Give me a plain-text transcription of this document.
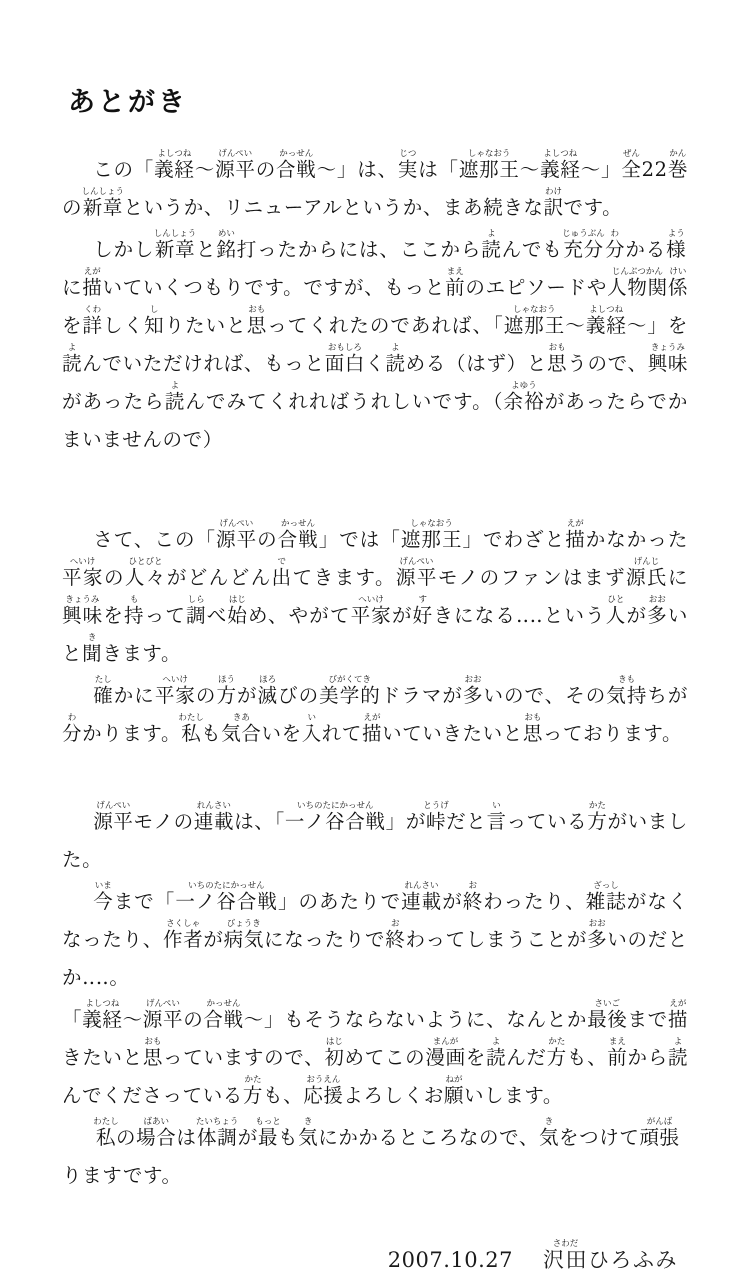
あとがき

この「義経よしつね〜源平げんぺいの合戦かっせん〜」は、実じつは「遮那王しゃなおう〜義経よしつね〜」全ぜん22巻かんの新章しんしょうというか、リニューアルというか、まあ続きな訳わけです。

しかし新章しんしょうと銘めい打ったからには、ここから読よんでも充分じゅうぶん分わかる様ように描えがいていくつもりです。ですが、もっと前まえのエピソードや人物関じんぶつかん係けいを詳くわしく知しりたいと思おもってくれたのであれば、「遮那王しゃなおう〜義経よしつね〜」を読よんでいただければ、もっと面白おもしろく読よめる（はず）と思おもうので、興味きょうみがあったら読よんでみてくれればうれしいです。（余裕よゆうがあったらでかまいませんので）

さて、この「源平げんぺいの合戦かっせん」では「遮那王しゃなおう」でわざと描えがかなかった平家へいけの人々ひとびとがどんどん出でてきます。源平げんぺいモノのファンはまず源氏げんじに興味きょうみを持もって調しらべ始はじめ、やがて平家へいけが好すきになる‥‥という人ひとが多おおいと聞ききます。

確たしかに平家へいけの方ほうが滅ほろびの美学的びがくてきドラマが多おおいので、その気持きもちが分わかります。私わたしも気合きあいを入いれて描えがいていきたいと思おもっております。

源平げんぺいモノの連載れんさいは、「一ノ谷合戦いちのたにかっせん」が峠とうげだと言いっている方かたがいました。

今いままで「一ノ谷合戦いちのたにかっせん」のあたりで連載れんさいが終おわったり、雑誌ざっしがなくなったり、作者さくしゃが病気びょうきになったりで終おわってしまうことが多おおいのだとか‥‥。

「義経よしつね〜源平げんぺいの合戦かっせん〜」もそうならないように、なんとか最後さいごまで描えがきたいと思おもっていますので、初はじめてこの漫画まんがを読よんだ方かたも、前まえから読よんでくださっている方かたも、応援おうえんよろしくお願ねがいします。

私わたしの場合ばあいは体調たいちょうが最もっとも気きにかかるところなので、気きをつけて頑張がんばりますです。

2007.10.27 沢田さわだひろふみ
